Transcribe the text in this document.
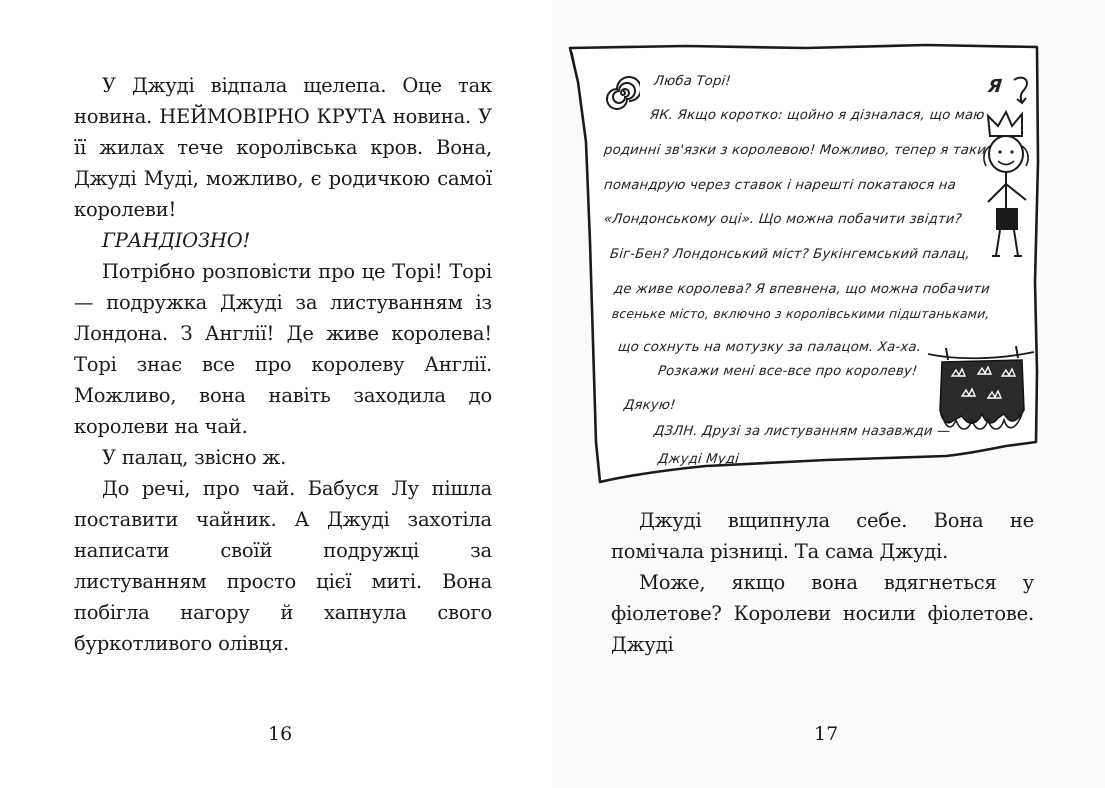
У Джуді відпала щелепа. Оце так новина. НЕЙМОВІРНО КРУТА новина. У її жилах тече королівська кров. Вона, Джуді Муді, можливо, є родичкою самої королеви!

ГРАНДІОЗНО!

Потрібно розповісти про це Торі! Торі — подружка Джуді за листуванням із Лондона. З Англії! Де живе королева! Торі знає все про королеву Англії. Можливо, вона навіть заходила до королеви на чай.

У палац, звісно ж.

До речі, про чай. Бабуся Лу пішла поставити чайник. А Джуді захотіла написати своїй подружці за листуванням просто цієї миті. Вона побігла нагору й хапнула свого буркотливого олівця.

16
Я
Люба Торі!
ЯК. Якщо коротко: щойно я дізналася, що маю
родинні зв'язки з королевою! Можливо, тепер я таки
помандрую через ставок і нарешті покатаюся на
«Лондонському оці». Що можна побачити звідти?
Біг-Бен? Лондонський міст? Букінгемський палац,
де живе королева? Я впевнена, що можна побачити
всеньке місто, включно з королівськими підштаньками,
що сохнуть на мотузку за палацом. Ха-ха.
Розкажи мені все-все про королеву!
Дякую!
ДЗЛН. Друзі за листуванням назавжди —
Джуді Муді

Джуді вщипнула себе. Вона не помічала різниці. Та сама Джуді.

Може, якщо вона вдягнеться у фіолетове? Королеви носили фіолетове. Джуді

17
